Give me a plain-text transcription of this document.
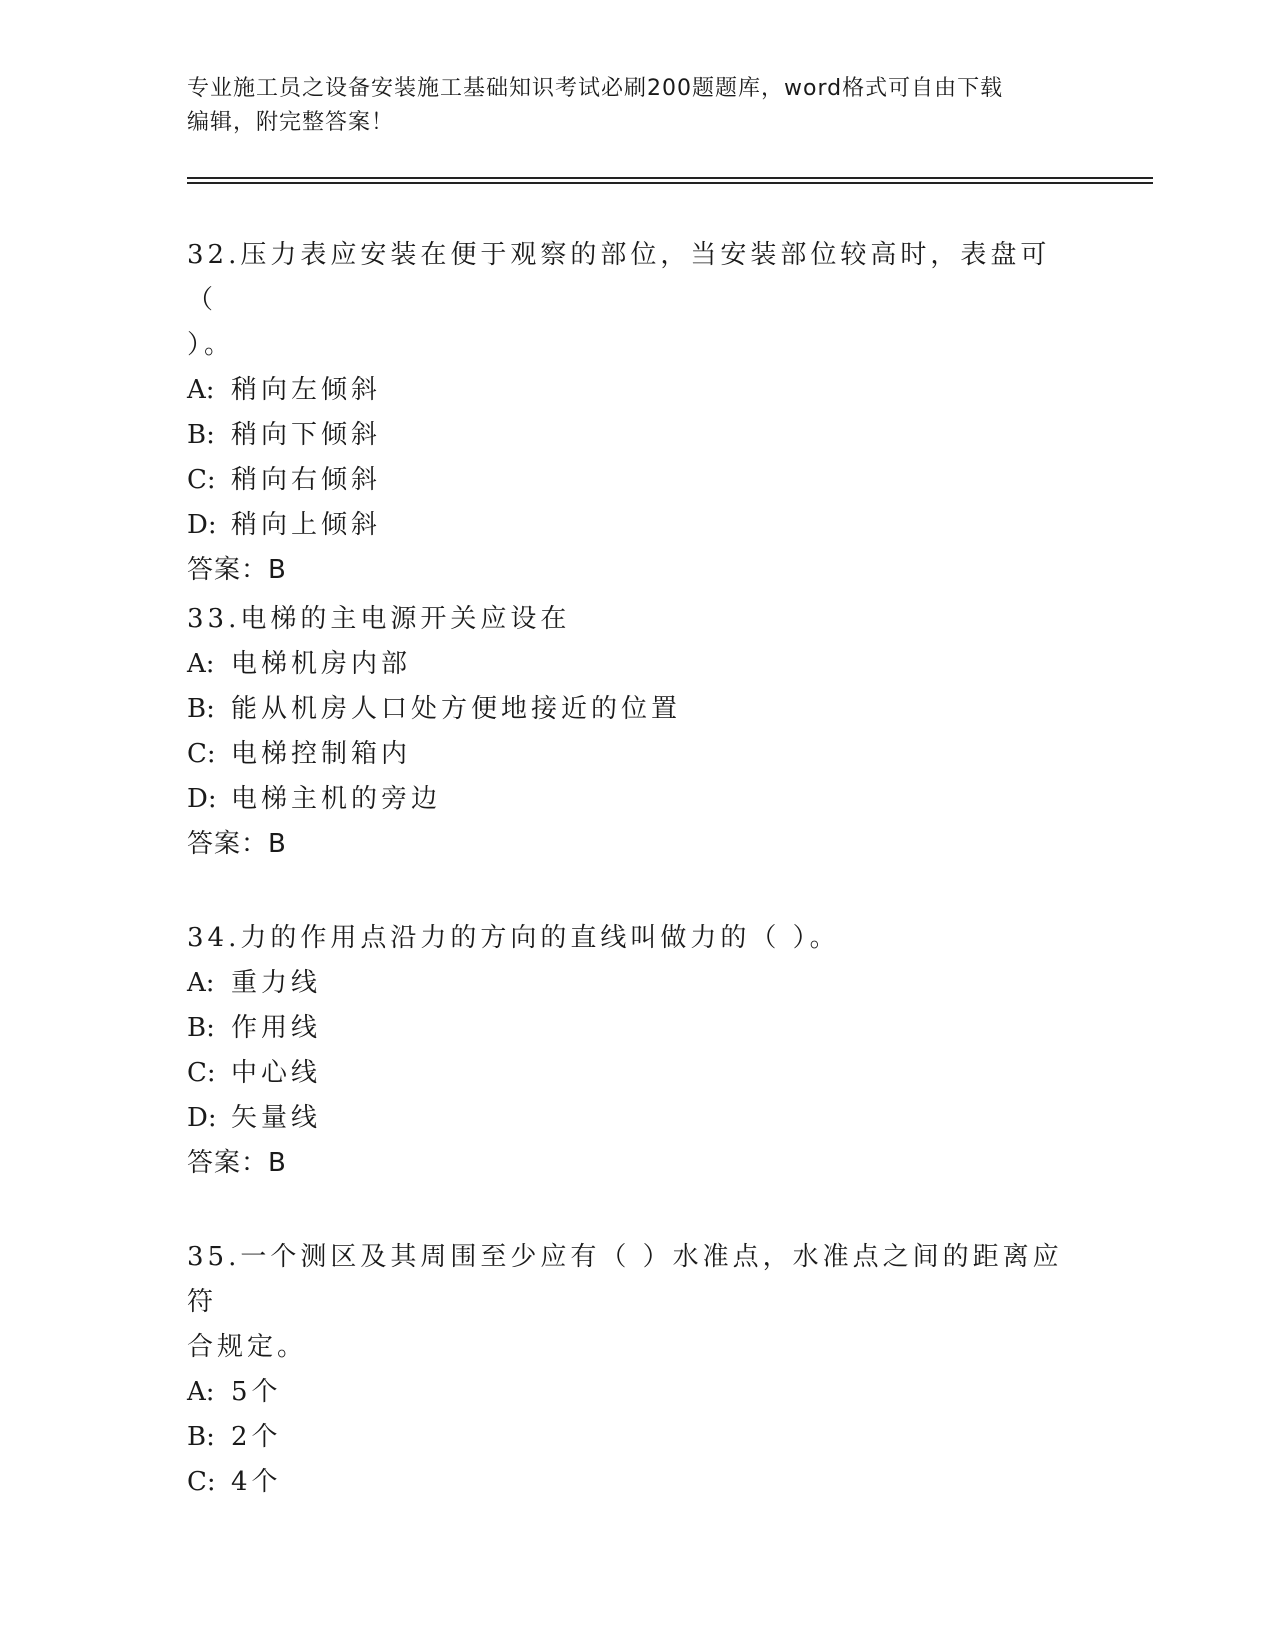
专业施工员之设备安装施工基础知识考试必刷200题题库，word格式可自由下载
编辑，附完整答案！
32.压力表应安装在便于观察的部位，当安装部位较高时，表盘可（
）。
A: 稍向左倾斜
B: 稍向下倾斜
C: 稍向右倾斜
D: 稍向上倾斜
答案：B
33.电梯的主电源开关应设在
A: 电梯机房内部
B: 能从机房人口处方便地接近的位置
C: 电梯控制箱内
D: 电梯主机的旁边
答案：B
34.力的作用点沿力的方向的直线叫做力的（ ）。
A: 重力线
B: 作用线
C: 中心线
D: 矢量线
答案：B
35.一个测区及其周围至少应有（ ）水准点，水准点之间的距离应符
合规定。
A: 5个
B: 2个
C: 4个
